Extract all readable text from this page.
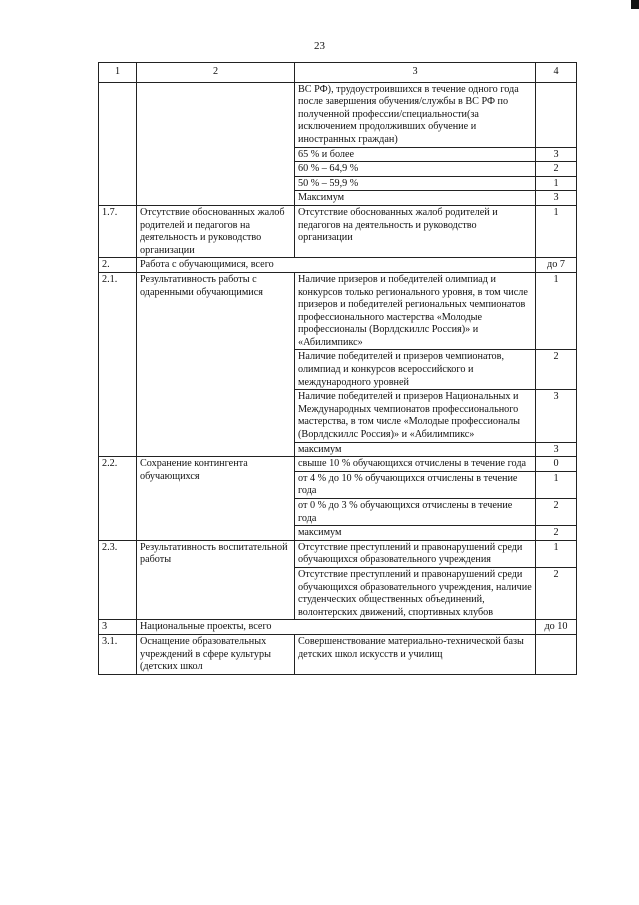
23
1	2	3	4
		ВС РФ), трудоустроившихся в течение одного года после завершения обучения/службы в ВС РФ по полученной профессии/специальности(за исключением продолживших обучение и иностранных граждан)	
		65 % и более	3
		60 % – 64,9 %	2
		50 % – 59,9 %	1
		Максимум	3
1.7.	Отсутствие обоснованных жалоб родителей и педагогов на деятельность и руководство организации	Отсутствие обоснованных жалоб родителей и педагогов на деятельность и руководство организации	1
2.	Работа с обучающимися, всего		до 7
2.1.	Результативность работы с одаренными обучающимися	Наличие призеров и победителей олимпиад и конкурсов только регионального уровня, в том числе призеров и победителей региональных чемпионатов профессионального мастерства «Молодые профессионалы (Ворлдскиллс Россия)» и «Абилимпикс»	1
		Наличие победителей и призеров чемпионатов, олимпиад и конкурсов всероссийского и международного уровней	2
		Наличие победителей и призеров Национальных и Международных чемпионатов профессионального мастерства, в том числе «Молодые профессионалы (Ворлдскиллс Россия)» и «Абилимпикс»	3
		максимум	3
2.2.	Сохранение контингента обучающихся	свыше 10 % обучающихся отчислены в течение года	0
		от 4 % до 10 % обучающихся отчислены в течение года	1
		от 0 % до 3 % обучающихся отчислены в течение года	2
		максимум	2
2.3.	Результативность воспитательной работы	Отсутствие преступлений и правонарушений среди обучающихся образовательного учреждения	1
		Отсутствие преступлений и правонарушений среди обучающихся образовательного учреждения, наличие студенческих общественных объединений, волонтерских движений, спортивных клубов	2
3	Национальные проекты, всего		до 10
3.1.	Оснащение образовательных учреждений в сфере культуры (детских школ	Совершенствование материально-технической базы детских школ искусств и училищ	
